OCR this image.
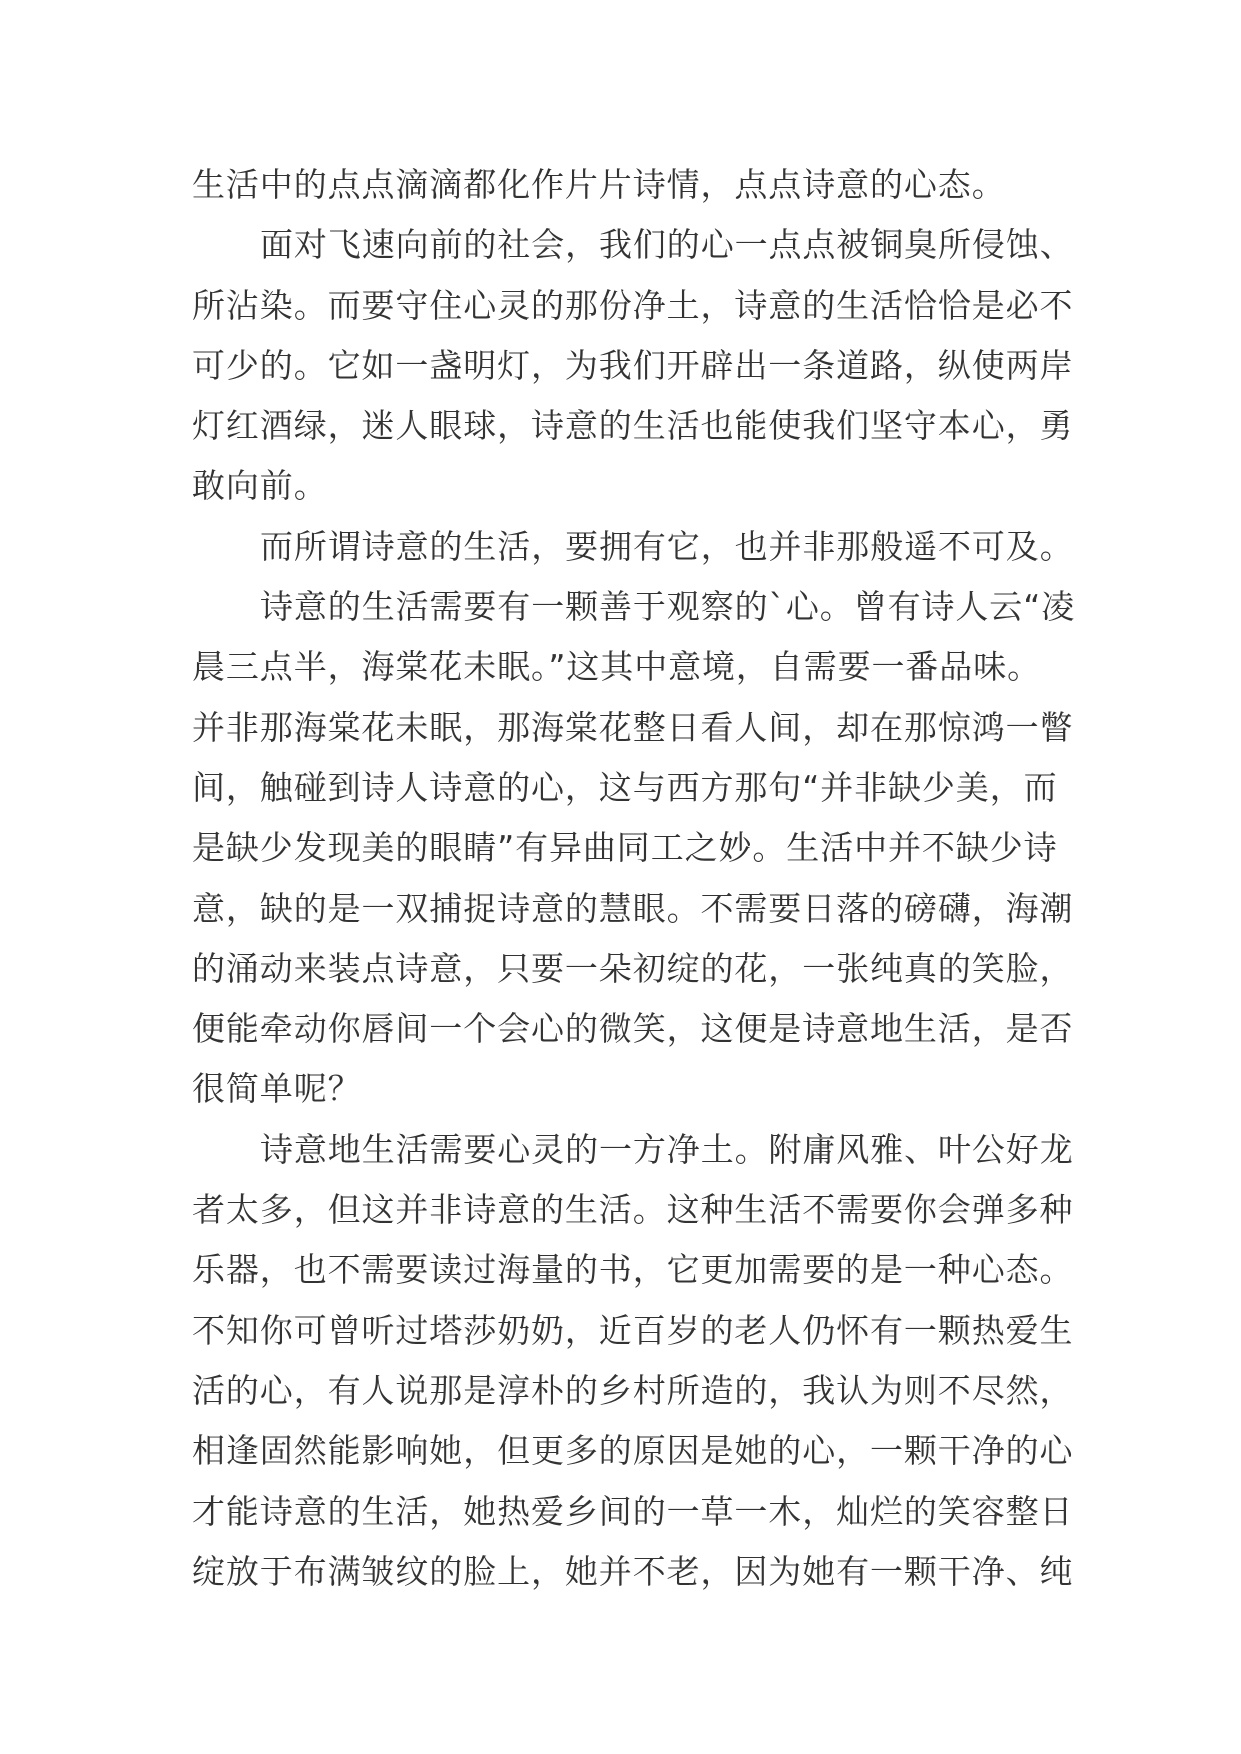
生活中的点点滴滴都化作片片诗情，点点诗意的心态。
面对飞速向前的社会，我们的心一点点被铜臭所侵蚀、
所沾染。而要守住心灵的那份净土，诗意的生活恰恰是必不
可少的。它如一盏明灯，为我们开辟出一条道路，纵使两岸
灯红酒绿，迷人眼球，诗意的生活也能使我们坚守本心，勇
敢向前。
而所谓诗意的生活，要拥有它，也并非那般遥不可及。
诗意的生活需要有一颗善于观察的`心。曾有诗人云“凌
晨三点半，海棠花未眠。”这其中意境，自需要一番品味。
并非那海棠花未眠，那海棠花整日看人间，却在那惊鸿一瞥
间，触碰到诗人诗意的心，这与西方那句“并非缺少美，而
是缺少发现美的眼睛”有异曲同工之妙。生活中并不缺少诗
意，缺的是一双捕捉诗意的慧眼。不需要日落的磅礴，海潮
的涌动来装点诗意，只要一朵初绽的花，一张纯真的笑脸，
便能牵动你唇间一个会心的微笑，这便是诗意地生活，是否
很简单呢？
诗意地生活需要心灵的一方净土。附庸风雅、叶公好龙
者太多，但这并非诗意的生活。这种生活不需要你会弹多种
乐器，也不需要读过海量的书，它更加需要的是一种心态。
不知你可曾听过塔莎奶奶，近百岁的老人仍怀有一颗热爱生
活的心，有人说那是淳朴的乡村所造的，我认为则不尽然，
相逢固然能影响她，但更多的原因是她的心，一颗干净的心
才能诗意的生活，她热爱乡间的一草一木，灿烂的笑容整日
绽放于布满皱纹的脸上，她并不老，因为她有一颗干净、纯
